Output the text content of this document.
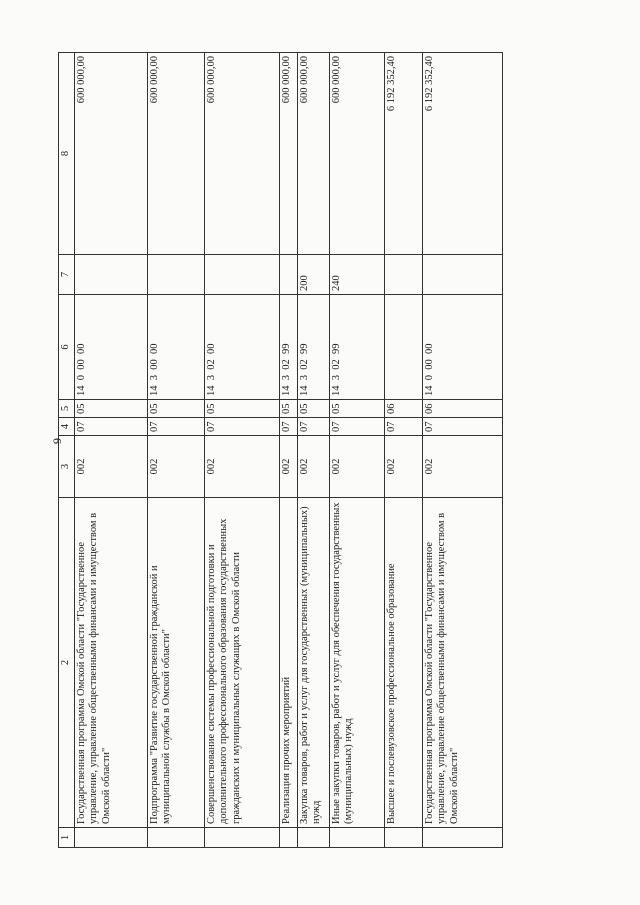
9
1	2	3	4	5	6	7	8
	Государственная программа Омской области "Государственное управление, управление общественными финансами и имуществом в Омской области"	002	07	05	14  0  00  00		600 000,00
	Подпрограмма "Развитие государственной гражданской и муниципальной службы в Омской области"	002	07	05	14  3  00  00		600 000,00
	Совершенствование системы профессиональной подготовки и дополнительного профессионального образования государственных гражданских и муниципальных служащих в Омской области	002	07	05	14  3  02  00		600 000,00
	Реализация прочих мероприятий	002	07	05	14  3  02  99		600 000,00
	Закупка товаров, работ и услуг для государственных (муниципальных) нужд	002	07	05	14  3  02  99	200	600 000,00
	Иные закупки товаров, работ и услуг для обеспечения государственных (муниципальных) нужд	002	07	05	14  3  02  99	240	600 000,00
	Высшее и послевузовское профессиональное образование	002	07	06			6 192 352,40
	Государственная программа Омской области "Государственное управление, управление общественными финансами и имуществом в Омской области"	002	07	06	14  0  00  00		6 192 352,40
